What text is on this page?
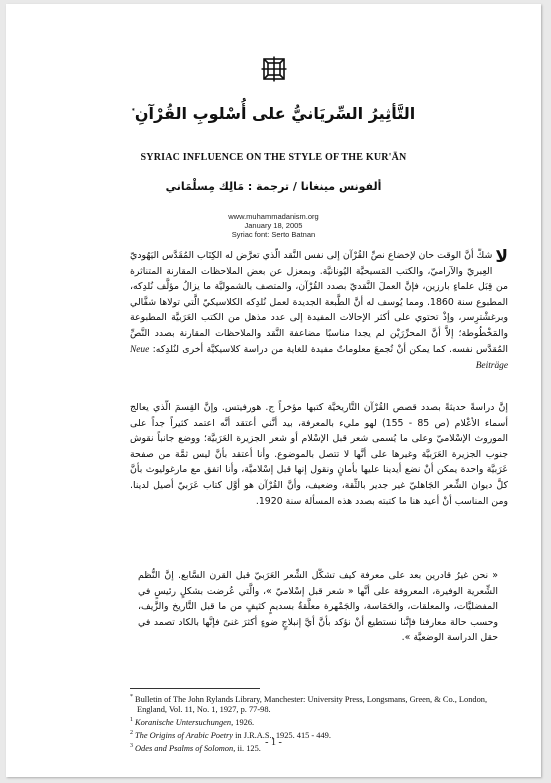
التَّأثِيرُ السِّريَانيُّ على أُسْلوبِ القُرْآنِ*
SYRIAC INFLUENCE ON THE STYLE OF THE KUR'ĀN
ألفونس مينغانا / ترجمة : مَالِك مِسلْمَاني
www.muhammadanism.org
January 18, 2005
Syriac font: Serto Batnan
لا
شكَّ أنَّ الوقت حان لإخضاع نصِّ القُرْآن إلى نفس النَّقد الَّذي تعرَّض له الكِتَاب المُقَدَّس اليَهُوديّ العِبريّ والآراميّ، والكتب المَسيحيَّة اليُونانيَّة. وبمعزل عن بعض الملاحظات المقارنة المتناثرة من قِبَل علماءٍ بارزين، فإنَّ العملَ النَّقديّ بصدد القُرْآن، والمتصف بالشموليَّة ما يزالُ مؤلَّف نُلدِكه، المطبوع سنة 1860. ومما يُوسف له أنَّ الطَّبعة الجديدة لعمل نُلدِكه الكلاسيكيّ الَّتي تولاها شفَّالي وبرغشْترِسر، وإذْ تحتوي على أكثر الإحالات المفيدة إلى عدد مذهل من الكتب العَرَبيَّة المطبوعة والمَخْطُوطة؛ إلاَّ أنَّ المحرِّرَيْن لم يجدا مناسبًا مضاعفة النَّقد والملاحظات المقارنة بصدد النَّصِّ المُقدَّس نفسه. كما يمكن أنْ تُجمعَ معلوماتٌ مفيدة للغاية من دراسة كلاسيكيَّة أخرى لنُلدِكه: Neue Beiträge
إنَّ دراسةً حديثةً بصدد قصص القُرْآن التَّاريخيَّة كتبها مؤخراً ج. هورفيتس. وإنَّ القِسمَ الَّذي يعالج أسماء الأعْلام (ص 85 - 155) لهو مليء بالمعرفة، بيد أنَّني أعتقد أنَّه اعتمد كثيراً جداً على الموروث الإسْلاميّ وعلى ما يُسمى شعر قبل الإسْلام أو شعر الجزيرة العَرَبيَّة؛ ووضع جانباً نقوش جنوب الجزيرة العَرَبيَّة وغيرها على أنَّها لا تتصل بالموضوع. وأنا أعتقد بأنَّ ليس ثمَّة من صفحة عَرَبيَّة واحدة يمكن أنْ نضع أيدينا عليها بأمانٍ ونقول إنها قبل إسْلاميَّة، وأنا اتفق مع مارغوليوث بأنَّ كلَّ ديوان الشِّعر الجَاهليّ غير جدير بالثِّقة، وضعيف، وأنَّ القُرْآن هو أوَّل كتاب عَرَبيّ أصيل لدينا. ومن المناسب أنْ أعيد هنا ما كتبته بصدد هذه المسألة سنة 1920.
« نحن غيرُ قادرين بعد على معرفة كيف تشكَّل الشِّعر العَرَبيّ قبل القرن السَّابع. إنَّ النُّظم الشِّعرية الوفيرة، المعروفة على أنَّها « شعر قبل إسْلاميّ »، والَّتي عُرضت بشكلٍ رئيسٍ في المفضليَّات، والمعلقات، والحَمَاسة، والجَمْهرة معلَّقةٌ بسديمٍ كثيفٍ من ما قبل التَّاريخ والزَّيف، وحسب حالة معارفنا فإنَّنا نستطيع أنْ نؤكد بأنَّ أيَّ إنبلاجٍ ضوءٍ أكثرَ غنىً فإنَّها بالكاد تصمد في حقل الدراسة الوضعيَّة ».
* Bulletin of The John Rylands Library, Manchester: University Press, Longsmans, Green, & Co., London, England, Vol. 11, No. 1, 1927, p. 77-98.
$^1$ Koranische Untersuchungen, 1926.
$^2$ The Origins of Arabic Poetry in J.R.A.S., 1925. 415 - 449.
$^3$ Odes and Psalms of Solomon, ii. 125.
- 1 -
